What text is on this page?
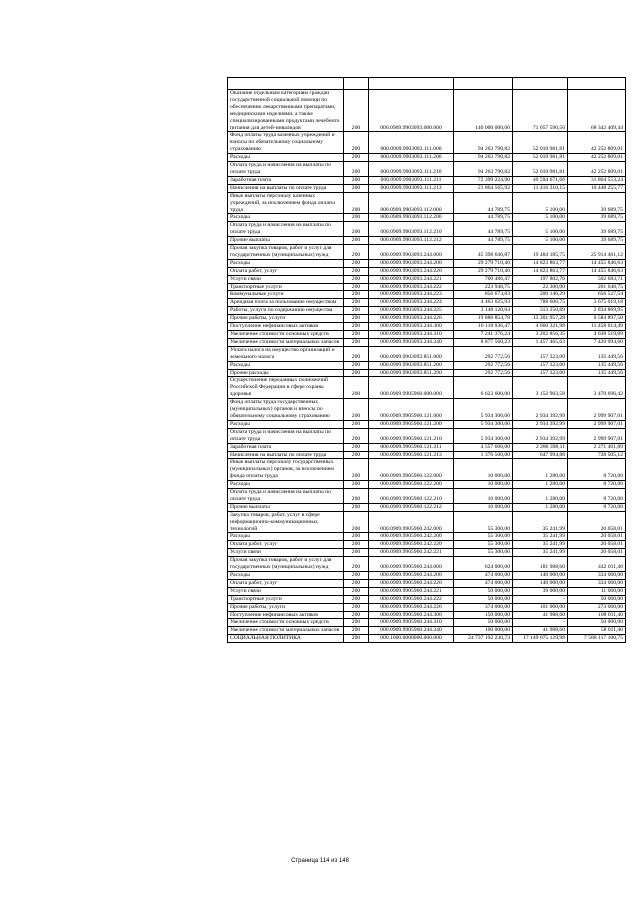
Оказание отдельным категориям граждан государственной социальной помощи по обеспечению лекарственными препаратами, медицинскими изделиями, а также специализированными продуктами лечебного питания для детей-инвалидов	200	000.0909.9903093.000.000	140 000 000,00	71 657 590,56	68 342 409,44
Фонд оплаты труда казенных учреждений и взносы по обязательному социальному страхованию	200	000.0909.9903093.111.000	94 263 790,82	52 010 981,81	42 252 809,01
Расходы	200	000.0909.9903093.111.200	94 263 790,82	52 010 981,81	42 252 809,01
Оплата труда и начисления на выплаты по оплате труда	200	000.0909.9903093.111.210	94 263 790,82	52 010 981,81	42 252 809,01
Заработная плата	200	000.0909.9903093.111.211	72 399 224,90	40 594 671,66	31 804 553,24
Начисления на выплаты по оплате труда	200	000.0909.9903093.111.213	21 864 565,92	11 416 310,15	10 448 255,77
Иные выплаты персоналу казенных учреждений, за исключением фонда оплаты труда	200	000.0909.9903093.112.000	44 789,75	5 100,00	39 689,75
Расходы	200	000.0909.9903093.112.200	44 789,75	5 100,00	39 689,75
Оплата труда и начисления на выплаты по оплате труда	200	000.0909.9903093.112.210	44 789,75	5 100,00	39 689,75
Прочие выплаты	200	000.0909.9903093.112.212	44 789,75	5 100,00	39 689,75
Прочая закупка товаров, работ и услуг для государственных (муниципальных) нужд	200	000.0909.9903093.244.000	45 398 646,87	19 484 185,75	25 914 461,12
Расходы	200	000.0909.9903093.244.200	29 279 710,40	14 823 863,77	14 455 846,63
Оплата работ, услуг	200	000.0909.9903093.244.220	29 279 710,40	14 823 863,77	14 455 846,63
Услуги связи	200	000.0909.9903093.244.221	700 486,47	197 802,76	502 683,71
Транспортные услуги	200	000.0909.9903093.244.222	223 948,75	22 300,00	201 648,75
Коммунальные услуги	200	000.0909.9903093.244.223	856 673,83	200 146,29	656 527,54
Арендная плата за пользование имуществом	200	000.0909.9903093.244.224	4 463 625,93	788 606,75	3 675 019,18
Работы, услуги по содержанию имущества	200	000.0909.9903093.244.225	3 148 120,64	313 250,89	2 834 869,95
Прочие работы, услуги	200	000.0909.9903093.244.226	19 886 854,78	13 301 957,28	6 584 897,50
Поступление нефинансовых активов	200	000.0909.9903093.244.300	16 118 936,47	4 660 321,98	11 458 614,49
Увеличение стоимости основных средств	200	000.0909.9903093.244.310	7 241 376,24	3 202 856,35	4 038 519,89
Увеличение стоимости материальных запасов	200	000.0909.9903093.244.340	8 877 560,23	1 457 465,63	7 420 094,60
Уплата налога на имущество организаций и земельного налога	200	000.0909.9903093.851.000	292 772,56	157 323,00	135 449,56
Расходы	200	000.0909.9903093.851.200	292 772,56	157 323,00	135 449,56
Прочие расходы	200	000.0909.9903093.851.290	292 772,56	157 323,00	135 449,56
Осуществление переданных полномочий Российской Федерации в сфере охраны здоровья	200	000.0909.9905960.000.000	6 623 600,00	3 152 903,58	3 470 696,42
Фонд оплаты труда государственных (муниципальных) органов и взносы по обязательному социальному страхованию	200	000.0909.9905960.121.000	5 934 300,00	2 934 392,99	2 999 907,01
Расходы	200	000.0909.9905960.121.200	5 934 300,00	2 934 392,99	2 999 907,01
Оплата труда и начисления на выплаты по оплате труда	200	000.0909.9905960.121.210	5 934 300,00	2 934 392,99	2 999 907,01
Заработная плата	200	000.0909.9905960.121.211	4 557 600,00	2 286 398,11	2 271 401,89
Начисления на выплаты по оплате труда	200	000.0909.9905960.121.213	1 376 500,00	647 994,88	728 505,12
Иные выплаты персоналу государственных (муниципальных) органов, за исключением фонда оплаты труда	200	000.0909.9905960.122.000	10 000,00	1 280,00	8 720,00
Расходы	200	000.0909.9905960.122.200	10 000,00	1 280,00	8 720,00
Оплата труда и начисления на выплаты по оплате труда	200	000.0909.9905960.122.210	10 000,00	1 280,00	8 720,00
Прочие выплаты	200	000.0909.9905960.122.212	10 000,00	1 280,00	8 720,00
Закупка товаров, работ, услуг в сфере информационно-коммуникационных технологий	200	000.0909.9905960.242.000	55 300,00	35 241,99	20 058,01
Расходы	200	000.0909.9905960.242.200	55 300,00	35 241,99	20 058,01
Оплата работ, услуг	200	000.0909.9905960.242.220	55 300,00	35 241,99	20 058,01
Услуги связи	200	000.0909.9905960.242.221	55 300,00	35 241,99	20 058,01
Прочая закупка товаров, работ и услуг для государственных (муниципальных) нужд	200	000.0909.9905960.244.000	624 000,00	181 988,60	442 011,40
Расходы	200	000.0909.9905960.244.200	474 000,00	140 000,00	334 000,00
Оплата работ, услуг	200	000.0909.9905960.244.220	474 000,00	140 000,00	334 000,00
Услуги связи	200	000.0909.9905960.244.221	50 000,00	39 000,00	11 000,00
Транспортные услуги	200	000.0909.9905960.244.222	50 000,00	-	50 000,00
Прочие работы, услуги	200	000.0909.9905960.244.226	374 000,00	101 000,00	273 000,00
Поступление нефинансовых активов	200	000.0909.9905960.244.300	150 000,00	41 988,60	108 011,40
Увеличение стоимости основных средств	200	000.0909.9905960.244.310	50 000,00	-	50 000,00
Увеличение стоимости материальных запасов	200	000.0909.9905960.244.340	100 000,00	41 988,60	58 011,40
СОЦИАЛЬНАЯ ПОЛИТИКА	200	000.1000.0000000.000.000	24 737 192 230,73	17 149 075 129,98	7 588 117 100,75
Страница 114 из 148
